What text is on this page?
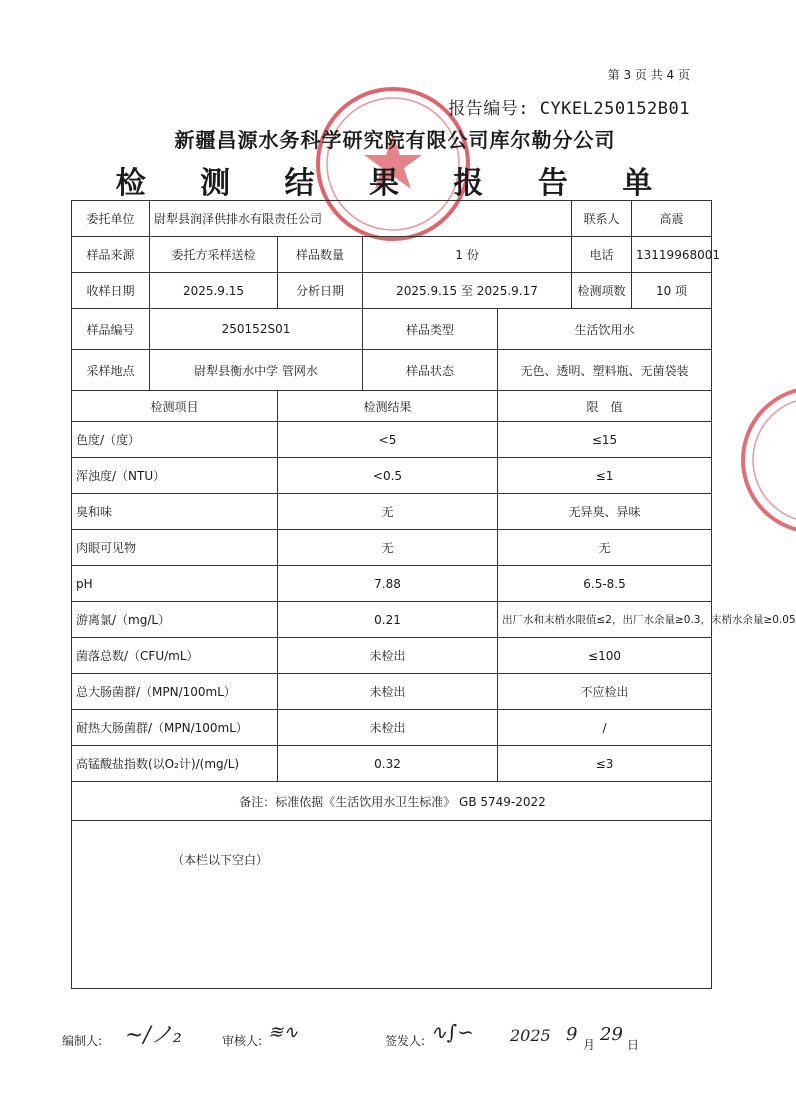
第 3 页 共 4 页
报告编号: CYKEL250152B01
新疆昌源水务科学研究院有限公司库尔勒分公司
检 测 结 果 报 告 单
委托单位	尉犁县润泽供排水有限责任公司				联系人	高震
样品来源	委托方采样送检	样品数量	1 份		电话	13119968001
收样日期	2025.9.15	分析日期	2025.9.15 至 2025.9.17		检测项数	10 项
样品编号	250152S01		样品类型	生活饮用水		
采样地点	尉犁县衡水中学 管网水		样品状态	无色、透明、塑料瓶、无菌袋装		
检测项目		检测结果		限　值		
色度/（度）		<5		≤15		
浑浊度/（NTU）		<0.5		≤1		
臭和味		无		无异臭、异味		
肉眼可见物		无		无		
pH		7.88		6.5-8.5		
游离氯/（mg/L）		0.21		出厂水和末梢水限值≤2，出厂水余量≥0.3，末梢水余量≥0.05		
菌落总数/（CFU/mL）		未检出		≤100		
总大肠菌群/（MPN/100mL）		未检出		不应检出		
耐热大肠菌群/（MPN/100mL）		未检出		/		
高锰酸盐指数(以O₂计)/(mg/L)		0.32		≤3		
备注：标准依据《生活饮用水卫生标准》 GB 5749-2022						

（本栏以下空白）						
编制人: ~/ノ₂	审核人: ≋∿	签发人: ∿∫∽ 2025 9 月 29 日
